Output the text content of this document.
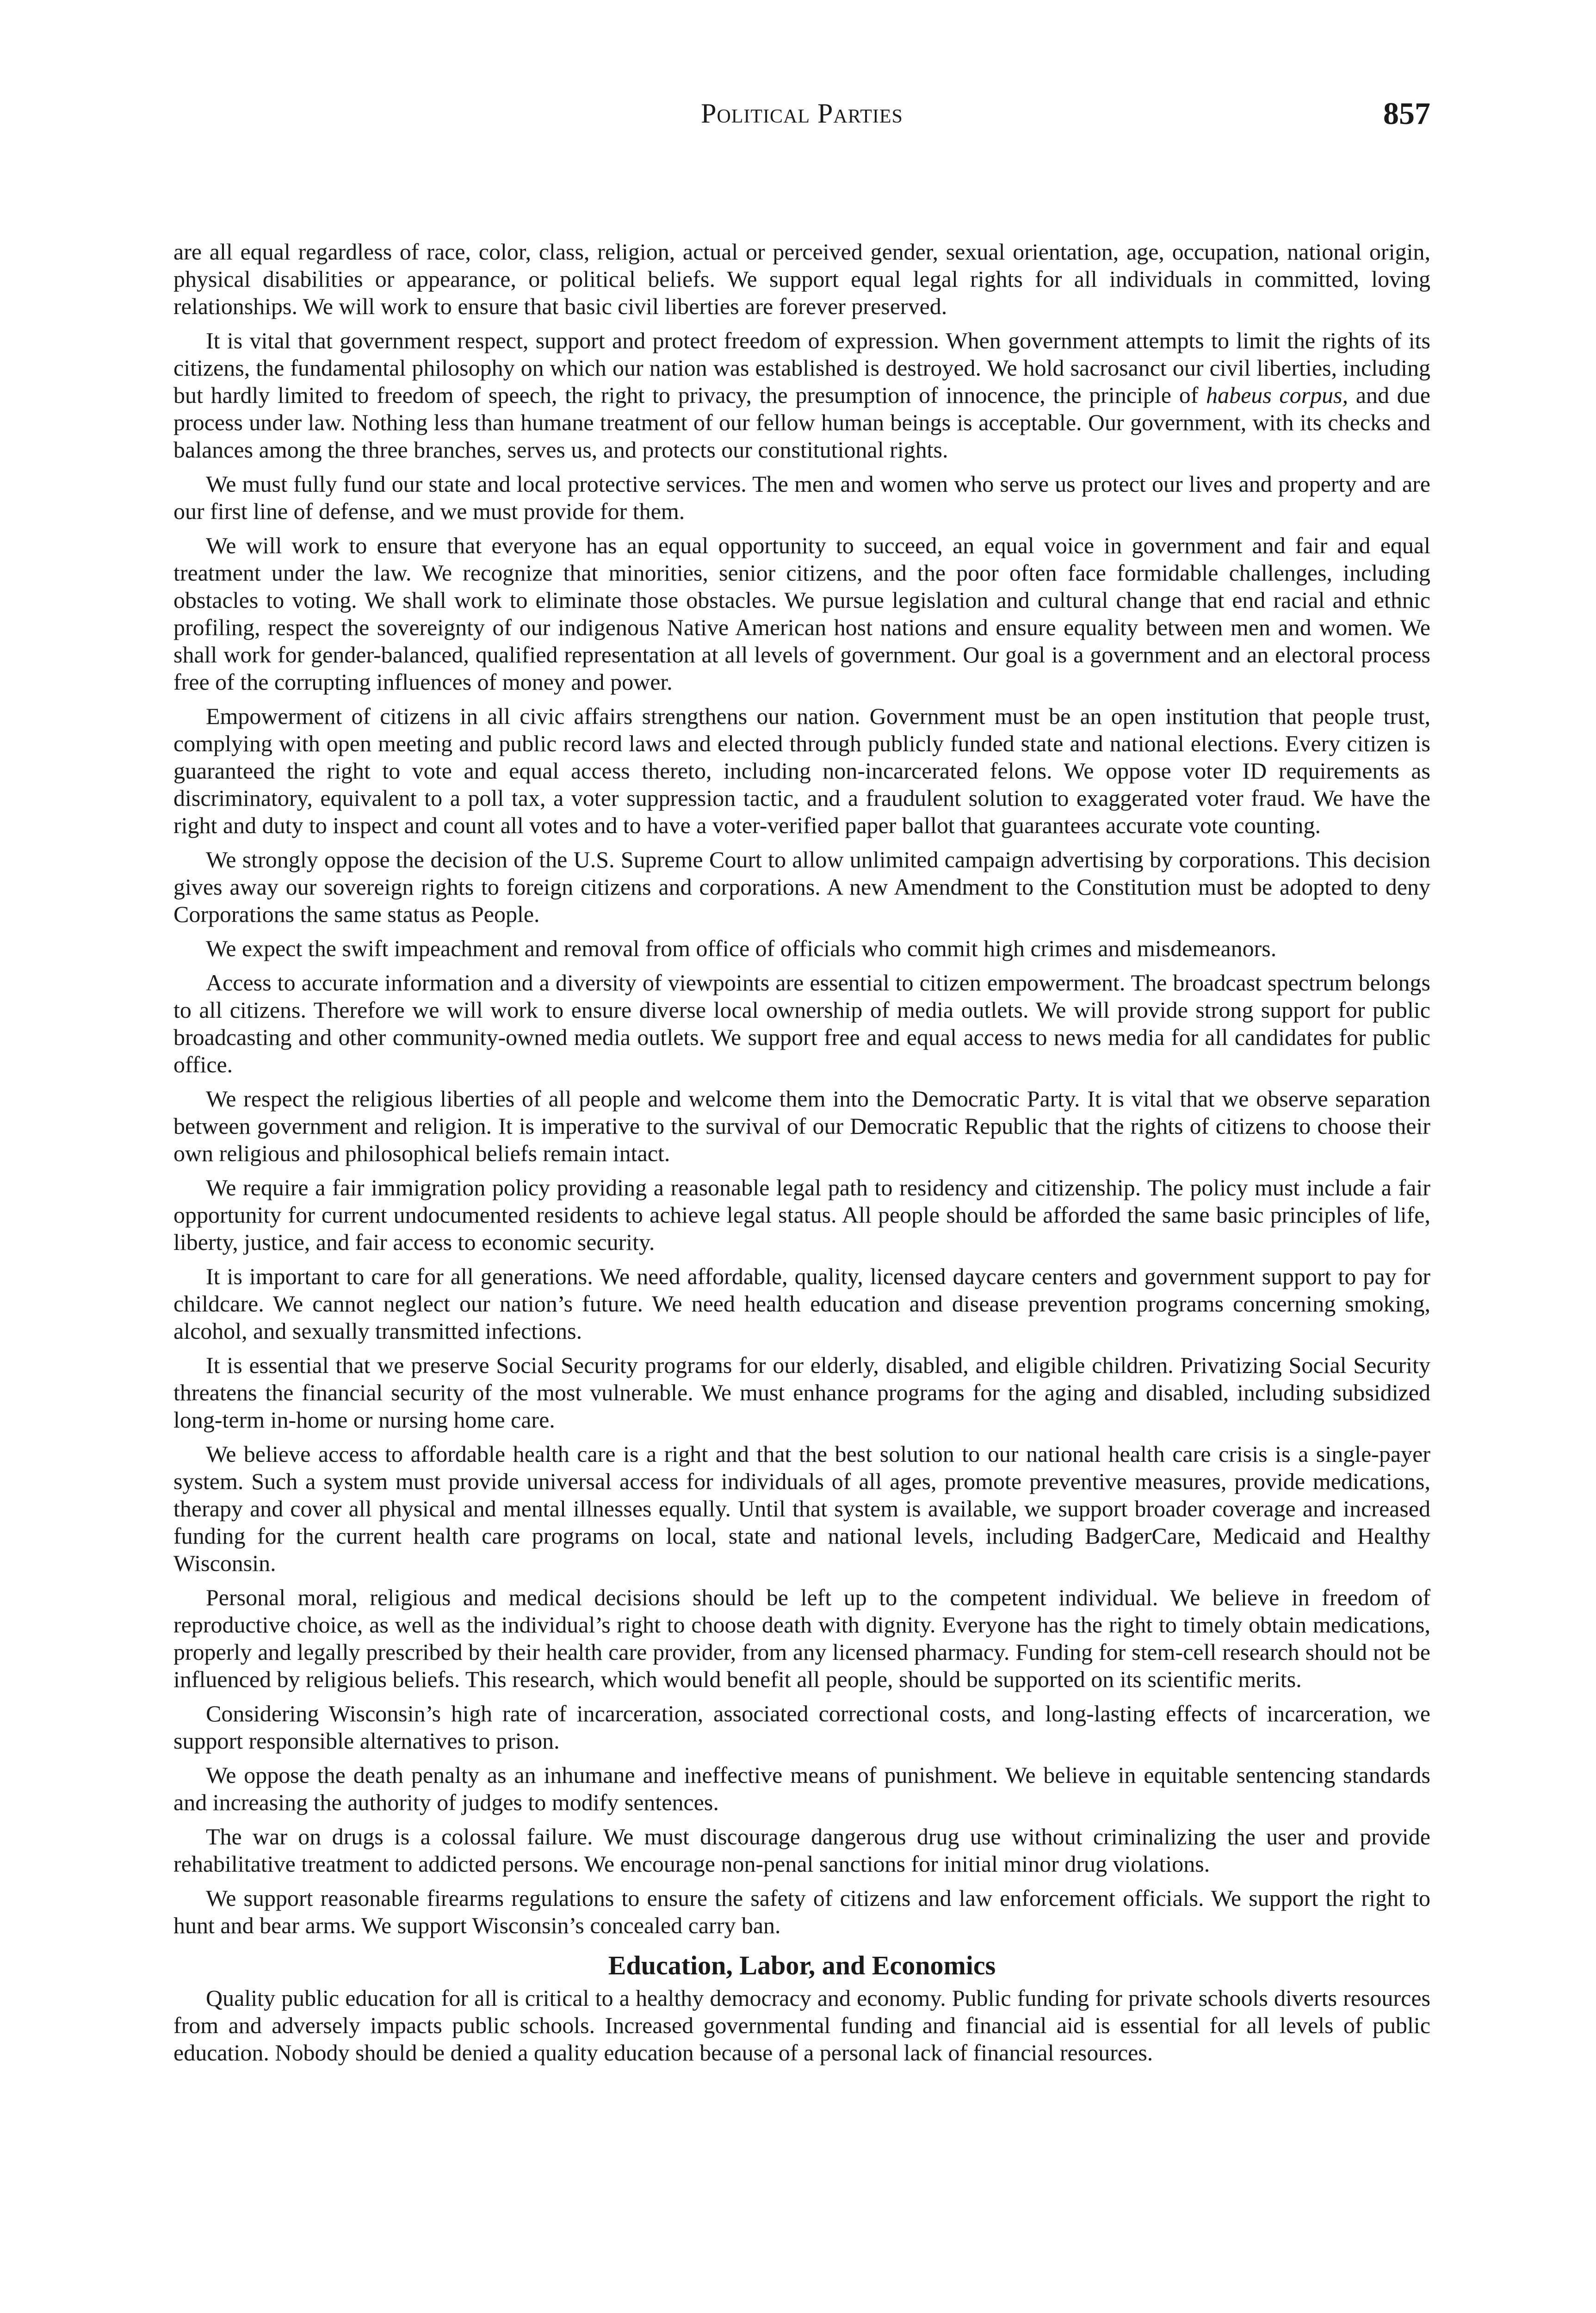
Political Parties	857

are all equal regardless of race, color, class, religion, actual or perceived gender, sexual orientation, age, occupation, national origin, physical disabilities or appearance, or political beliefs. We support equal legal rights for all individuals in committed, loving relationships. We will work to ensure that basic civil liberties are forever preserved.

It is vital that government respect, support and protect freedom of expression. When government attempts to limit the rights of its citizens, the fundamental philosophy on which our nation was established is destroyed. We hold sacrosanct our civil liberties, including but hardly limited to freedom of speech, the right to privacy, the presumption of innocence, the principle of habeus corpus, and due process under law. Nothing less than humane treatment of our fellow human beings is acceptable. Our government, with its checks and balances among the three branches, serves us, and protects our constitutional rights.

We must fully fund our state and local protective services. The men and women who serve us protect our lives and property and are our first line of defense, and we must provide for them.

We will work to ensure that everyone has an equal opportunity to succeed, an equal voice in government and fair and equal treatment under the law. We recognize that minorities, senior citizens, and the poor often face formidable challenges, including obstacles to voting. We shall work to eliminate those obstacles. We pursue legislation and cultural change that end racial and ethnic profiling, respect the sovereignty of our indigenous Native American host nations and ensure equality between men and women. We shall work for gender-balanced, qualified representation at all levels of government. Our goal is a government and an electoral process free of the corrupting influences of money and power.

Empowerment of citizens in all civic affairs strengthens our nation. Government must be an open institution that people trust, complying with open meeting and public record laws and elected through publicly funded state and national elections. Every citizen is guaranteed the right to vote and equal access thereto, including non-incarcerated felons. We oppose voter ID requirements as discriminatory, equivalent to a poll tax, a voter suppression tactic, and a fraudulent solution to exaggerated voter fraud. We have the right and duty to inspect and count all votes and to have a voter-verified paper ballot that guarantees accurate vote counting.

We strongly oppose the decision of the U.S. Supreme Court to allow unlimited campaign advertising by corporations. This decision gives away our sovereign rights to foreign citizens and corporations. A new Amendment to the Constitution must be adopted to deny Corporations the same status as People.

We expect the swift impeachment and removal from office of officials who commit high crimes and misdemeanors.

Access to accurate information and a diversity of viewpoints are essential to citizen empowerment. The broadcast spectrum belongs to all citizens. Therefore we will work to ensure diverse local ownership of media outlets. We will provide strong support for public broadcasting and other community-owned media outlets. We support free and equal access to news media for all candidates for public office.

We respect the religious liberties of all people and welcome them into the Democratic Party. It is vital that we observe separation between government and religion. It is imperative to the survival of our Democratic Republic that the rights of citizens to choose their own religious and philosophical beliefs remain intact.

We require a fair immigration policy providing a reasonable legal path to residency and citizenship. The policy must include a fair opportunity for current undocumented residents to achieve legal status. All people should be afforded the same basic principles of life, liberty, justice, and fair access to economic security.

It is important to care for all generations. We need affordable, quality, licensed daycare centers and government support to pay for childcare. We cannot neglect our nation’s future. We need health education and disease prevention programs concerning smoking, alcohol, and sexually transmitted infections.

It is essential that we preserve Social Security programs for our elderly, disabled, and eligible children. Privatizing Social Security threatens the financial security of the most vulnerable. We must enhance programs for the aging and disabled, including subsidized long-term in-home or nursing home care.

We believe access to affordable health care is a right and that the best solution to our national health care crisis is a single-payer system. Such a system must provide universal access for individuals of all ages, promote preventive measures, provide medications, therapy and cover all physical and mental illnesses equally. Until that system is available, we support broader coverage and increased funding for the current health care programs on local, state and national levels, including BadgerCare, Medicaid and Healthy Wisconsin.

Personal moral, religious and medical decisions should be left up to the competent individual. We believe in freedom of reproductive choice, as well as the individual’s right to choose death with dignity. Everyone has the right to timely obtain medications, properly and legally prescribed by their health care provider, from any licensed pharmacy. Funding for stem-cell research should not be influenced by religious beliefs. This research, which would benefit all people, should be supported on its scientific merits.

Considering Wisconsin’s high rate of incarceration, associated correctional costs, and long-lasting effects of incarceration, we support responsible alternatives to prison.

We oppose the death penalty as an inhumane and ineffective means of punishment. We believe in equitable sentencing standards and increasing the authority of judges to modify sentences.

The war on drugs is a colossal failure. We must discourage dangerous drug use without criminalizing the user and provide rehabilitative treatment to addicted persons. We encourage non-penal sanctions for initial minor drug violations.

We support reasonable firearms regulations to ensure the safety of citizens and law enforcement officials. We support the right to hunt and bear arms. We support Wisconsin’s concealed carry ban.

Education, Labor, and Economics

Quality public education for all is critical to a healthy democracy and economy. Public funding for private schools diverts resources from and adversely impacts public schools. Increased governmental funding and financial aid is essential for all levels of public education. Nobody should be denied a quality education because of a personal lack of financial resources.
